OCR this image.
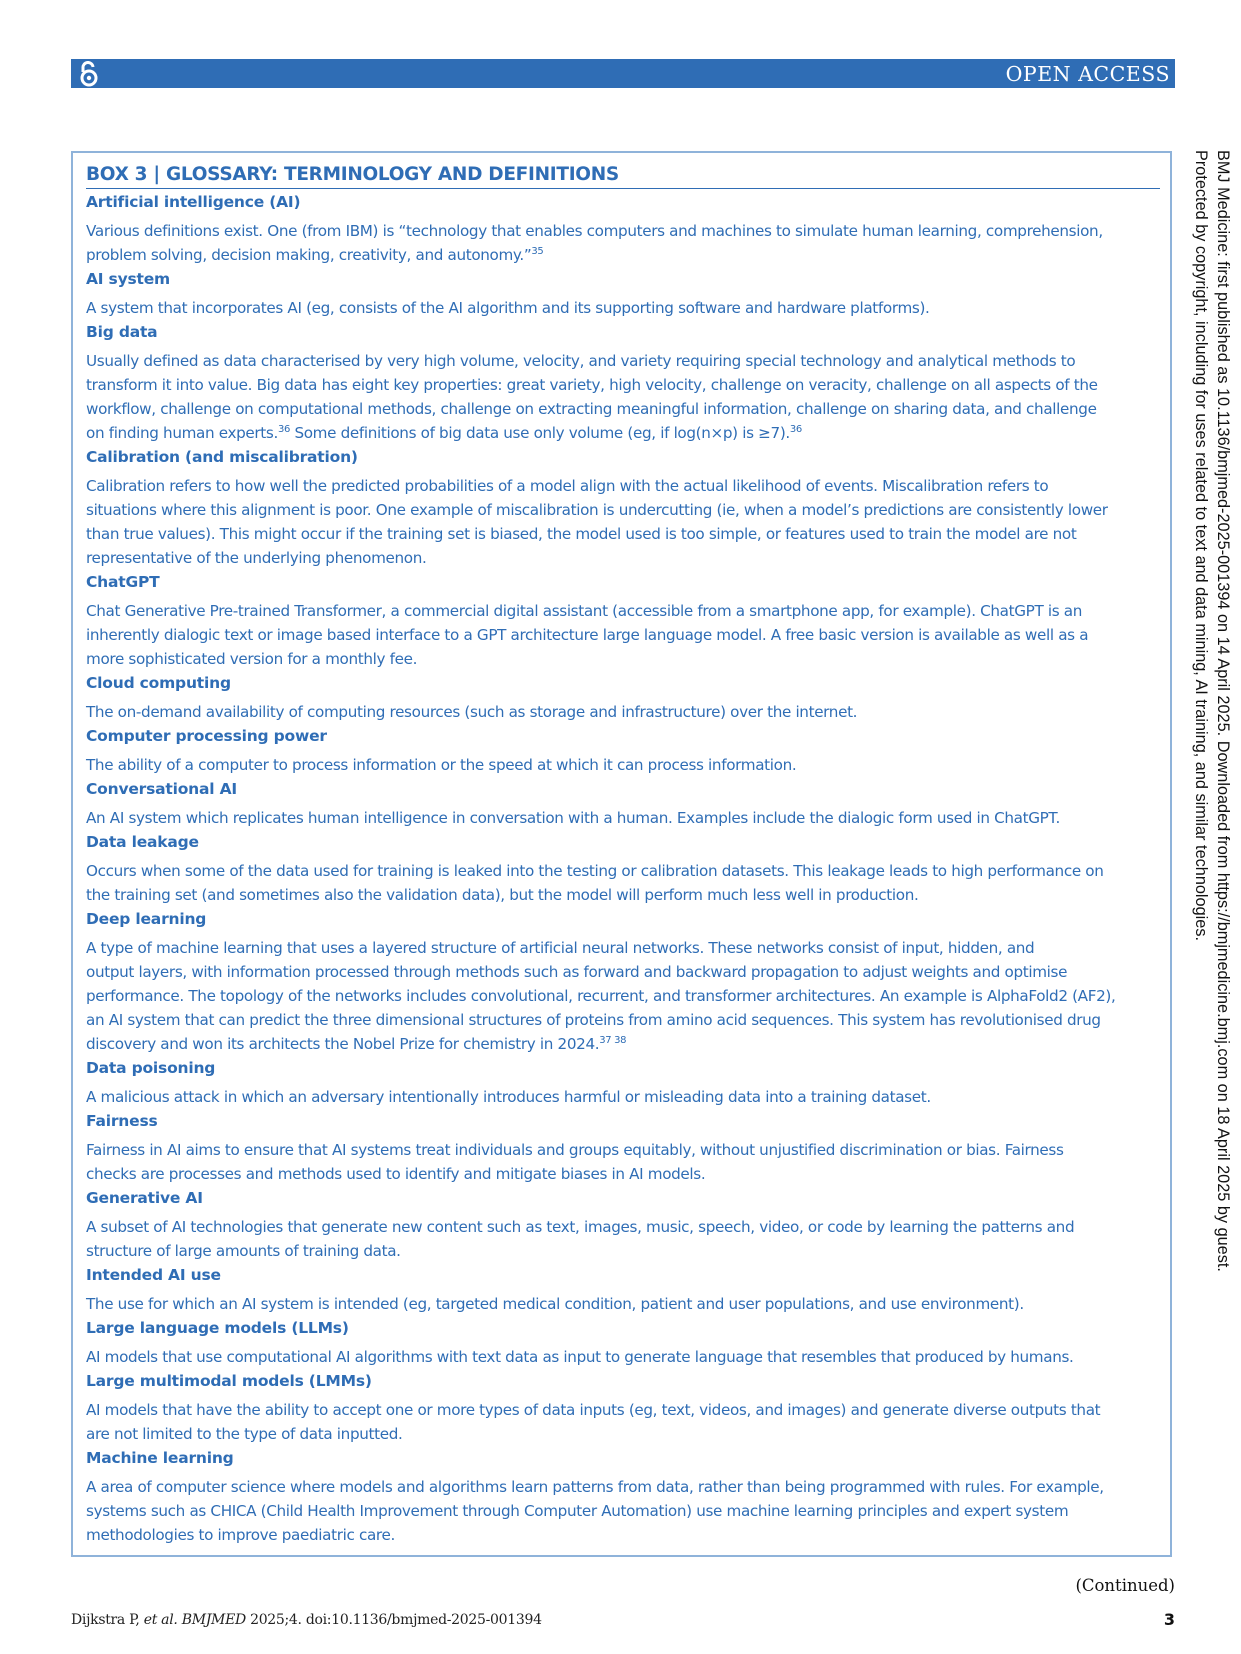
OPEN ACCESS
BOX 3 | GLOSSARY: TERMINOLOGY AND DEFINITIONS
Artificial intelligence (AI)
Various definitions exist. One (from IBM) is “technology that enables computers and machines to simulate human learning, comprehension,
problem solving, decision making, creativity, and autonomy.”$^{35}$
AI system
A system that incorporates AI (eg, consists of the AI algorithm and its supporting software and hardware platforms).
Big data
Usually defined as data characterised by very high volume, velocity, and variety requiring special technology and analytical methods to
transform it into value. Big data has eight key properties: great variety, high velocity, challenge on veracity, challenge on all aspects of the
workflow, challenge on computational methods, challenge on extracting meaningful information, challenge on sharing data, and challenge
on finding human experts.$^{36}$ Some definitions of big data use only volume (eg, if log(n×p) is ≥7).$^{36}$
Calibration (and miscalibration)
Calibration refers to how well the predicted probabilities of a model align with the actual likelihood of events. Miscalibration refers to
situations where this alignment is poor. One example of miscalibration is undercutting (ie, when a model’s predictions are consistently lower
than true values). This might occur if the training set is biased, the model used is too simple, or features used to train the model are not
representative of the underlying phenomenon.
ChatGPT
Chat Generative Pre-trained Transformer, a commercial digital assistant (accessible from a smartphone app, for example). ChatGPT is an
inherently dialogic text or image based interface to a GPT architecture large language model. A free basic version is available as well as a
more sophisticated version for a monthly fee.
Cloud computing
The on-demand availability of computing resources (such as storage and infrastructure) over the internet.
Computer processing power
The ability of a computer to process information or the speed at which it can process information.
Conversational AI
An AI system which replicates human intelligence in conversation with a human. Examples include the dialogic form used in ChatGPT.
Data leakage
Occurs when some of the data used for training is leaked into the testing or calibration datasets. This leakage leads to high performance on
the training set (and sometimes also the validation data), but the model will perform much less well in production.
Deep learning
A type of machine learning that uses a layered structure of artificial neural networks. These networks consist of input, hidden, and
output layers, with information processed through methods such as forward and backward propagation to adjust weights and optimise
performance. The topology of the networks includes convolutional, recurrent, and transformer architectures. An example is AlphaFold2 (AF2),
an AI system that can predict the three dimensional structures of proteins from amino acid sequences. This system has revolutionised drug
discovery and won its architects the Nobel Prize for chemistry in 2024.$^{37 38}$
Data poisoning
A malicious attack in which an adversary intentionally introduces harmful or misleading data into a training dataset.
Fairness
Fairness in AI aims to ensure that AI systems treat individuals and groups equitably, without unjustified discrimination or bias. Fairness
checks are processes and methods used to identify and mitigate biases in AI models.
Generative AI
A subset of AI technologies that generate new content such as text, images, music, speech, video, or code by learning the patterns and
structure of large amounts of training data.
Intended AI use
The use for which an AI system is intended (eg, targeted medical condition, patient and user populations, and use environment).
Large language models (LLMs)
AI models that use computational AI algorithms with text data as input to generate language that resembles that produced by humans.
Large multimodal models (LMMs)
AI models that have the ability to accept one or more types of data inputs (eg, text, videos, and images) and generate diverse outputs that
are not limited to the type of data inputted.
Machine learning
A area of computer science where models and algorithms learn patterns from data, rather than being programmed with rules. For example,
systems such as CHICA (Child Health Improvement through Computer Automation) use machine learning principles and expert system
methodologies to improve paediatric care.
(Continued)
Dijkstra P, et al. BMJMED 2025;4. doi:10.1136/bmjmed-2025-001394	3
BMJ Medicine: first published as 10.1136/bmjmed-2025-001394 on 14 April 2025. Downloaded from https://bmjmedicine.bmj.com on 18 April 2025 by guest.
Protected by copyright, including for uses related to text and data mining, AI training, and similar technologies.
